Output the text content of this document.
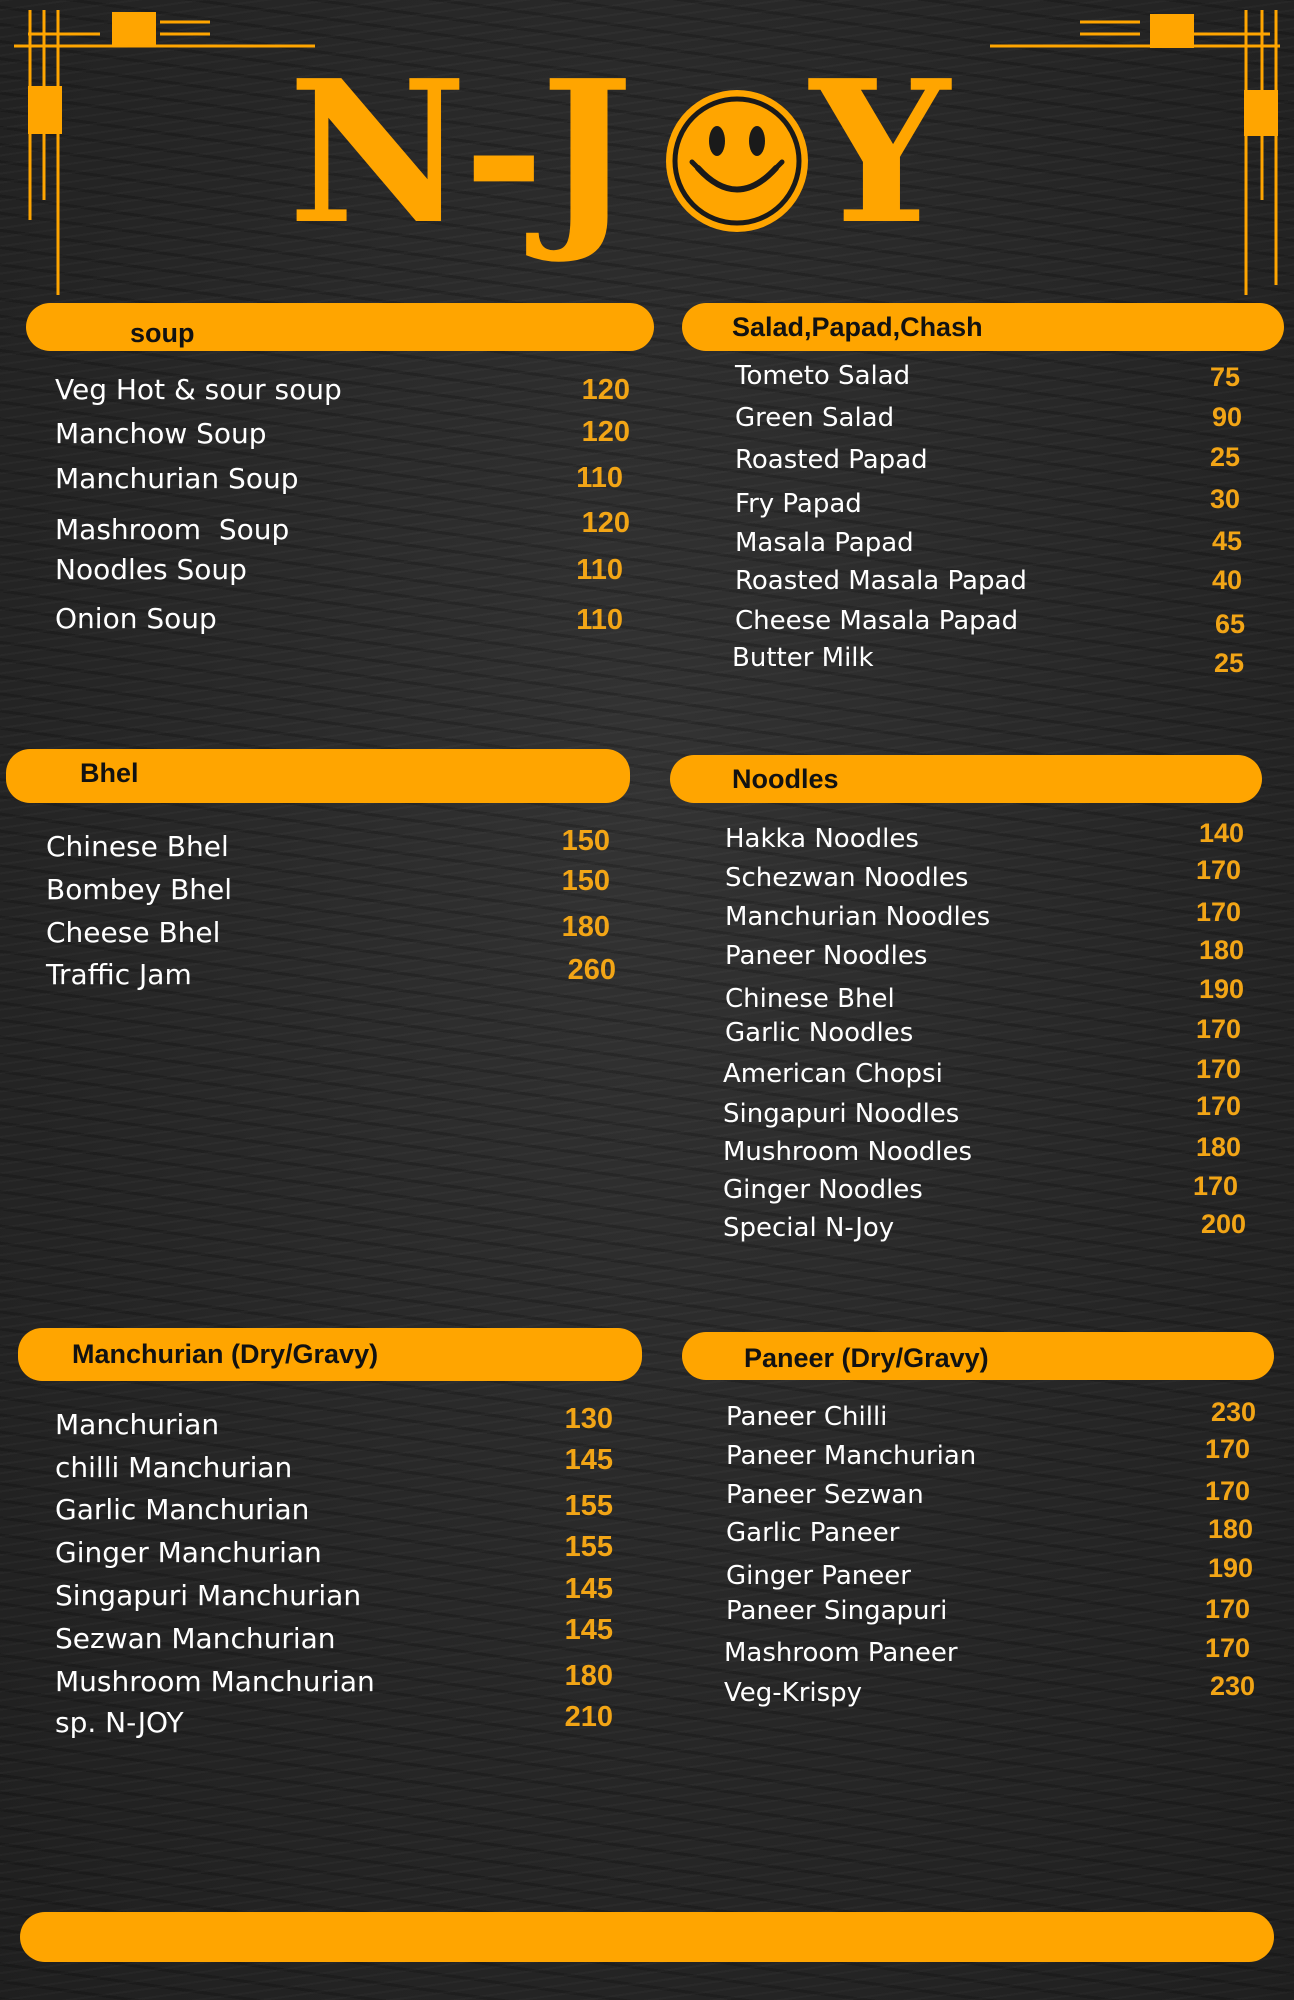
N-J Y
soup
Veg Hot & sour soup	120
Manchow Soup	120
Manchurian Soup	110
Mashroom  Soup	120
Noodles Soup	110
Onion Soup	110
Salad,Papad,Chash
Tometo Salad	75
Green Salad	90
Roasted Papad	25
Fry Papad	30
Masala Papad	45
Roasted Masala Papad	40
Cheese Masala Papad	65
Butter Milk	25
Bhel
Chinese Bhel	150
Bombey Bhel	150
Cheese Bhel	180
Traffic Jam	260
Noodles
Hakka Noodles	140
Schezwan Noodles	170
Manchurian Noodles	170
Paneer Noodles	180
Chinese Bhel	190
Garlic Noodles	170
American Chopsi	170
Singapuri Noodles	170
Mushroom Noodles	180
Ginger Noodles	170
Special N-Joy	200
Manchurian (Dry/Gravy)
Manchurian	130
chilli Manchurian	145
Garlic Manchurian	155
Ginger Manchurian	155
Singapuri Manchurian	145
Sezwan Manchurian	145
Mushroom Manchurian	180
sp. N-JOY	210
Paneer (Dry/Gravy)
Paneer Chilli	230
Paneer Manchurian	170
Paneer Sezwan	170
Garlic Paneer	180
Ginger Paneer	190
Paneer Singapuri	170
Mashroom Paneer	170
Veg-Krispy	230
